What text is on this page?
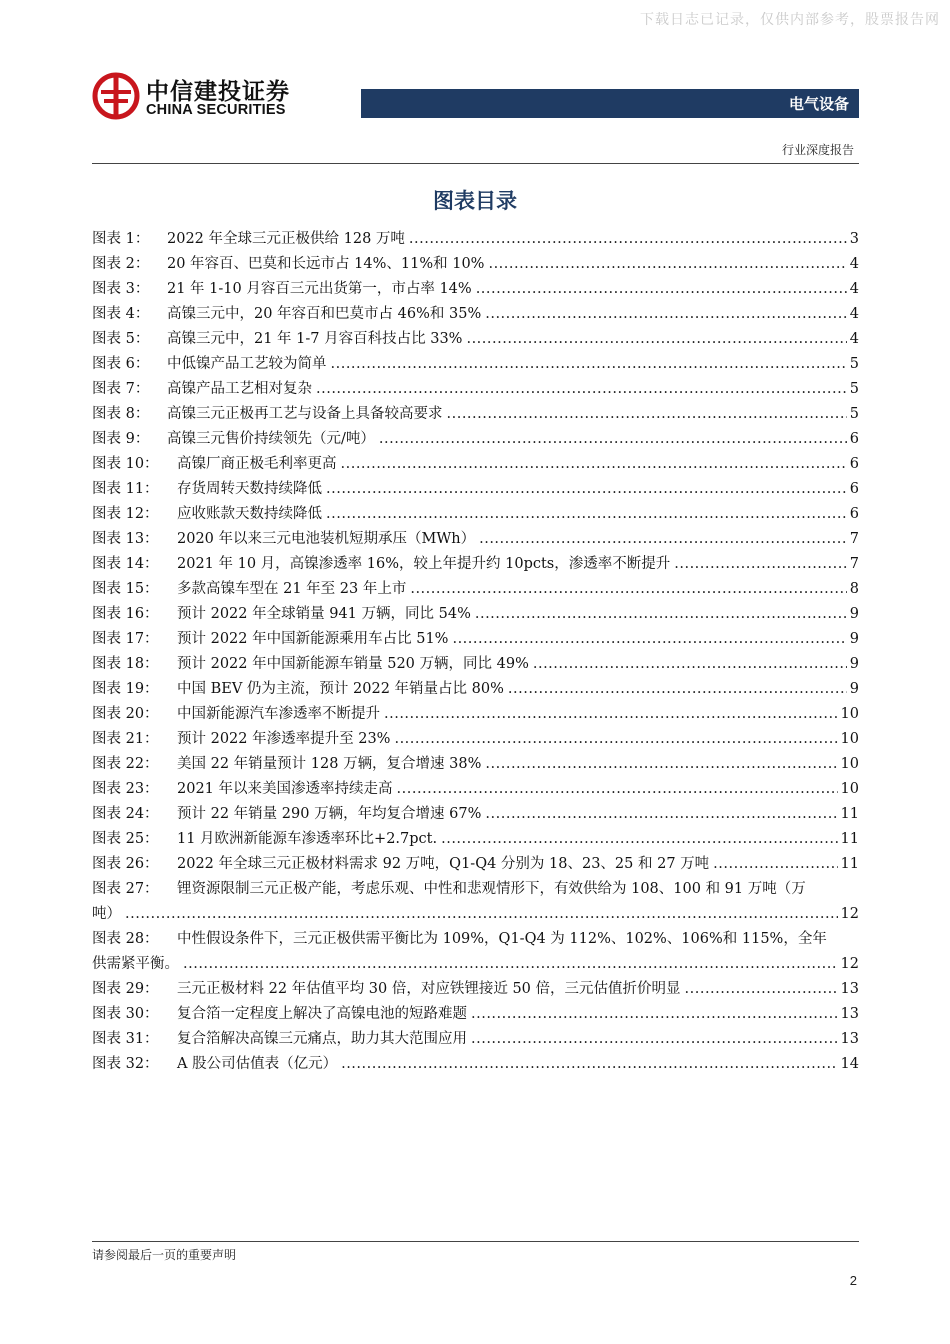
下载日志已记录，仅供内部参考，股票报告网
中信建投证券
CHINA SECURITIES	电气设备
行业深度报告
图表目录
图表 1：	2022 年全球三元正极供给 128 万吨 .....	3
图表 2：	20 年容百、巴莫和长远市占 14%、11%和 10% .....	4
图表 3：	21 年 1-10 月容百三元出货第一，市占率 14% .....	4
图表 4：	高镍三元中，20 年容百和巴莫市占 46%和 35% .....	4
图表 5：	高镍三元中，21 年 1-7 月容百科技占比 33% .....	4
图表 6：	中低镍产品工艺较为简单 .....	5
图表 7：	高镍产品工艺相对复杂 .....	5
图表 8：	高镍三元正极再工艺与设备上具备较高要求 .....	5
图表 9：	高镍三元售价持续领先（元/吨） .....	6
图表 10：	高镍厂商正极毛利率更高 .....	6
图表 11：	存货周转天数持续降低 .....	6
图表 12：	应收账款天数持续降低 .....	6
图表 13：	2020 年以来三元电池装机短期承压（MWh） .....	7
图表 14：	2021 年 10 月，高镍渗透率 16%，较上年提升约 10pcts，渗透率不断提升 .....	7
图表 15：	多款高镍车型在 21 年至 23 年上市 .....	8
图表 16：	预计 2022 年全球销量 941 万辆，同比 54% .....	9
图表 17：	预计 2022 年中国新能源乘用车占比 51% .....	9
图表 18：	预计 2022 年中国新能源车销量 520 万辆，同比 49% .....	9
图表 19：	中国 BEV 仍为主流，预计 2022 年销量占比 80% .....	9
图表 20：	中国新能源汽车渗透率不断提升 .....	10
图表 21：	预计 2022 年渗透率提升至 23% .....	10
图表 22：	美国 22 年销量预计 128 万辆，复合增速 38% .....	10
图表 23：	2021 年以来美国渗透率持续走高 .....	10
图表 24：	预计 22 年销量 290 万辆，年均复合增速 67% .....	11
图表 25：	11 月欧洲新能源车渗透率环比+2.7pct. .....	11
图表 26：	2022 年全球三元正极材料需求 92 万吨，Q1-Q4 分别为 18、23、25 和 27 万吨 .....	11
图表 27：	锂资源限制三元正极产能，考虑乐观、中性和悲观情形下，有效供给为 108、100 和 91 万吨（万
吨） .....	12
图表 28：	中性假设条件下，三元正极供需平衡比为 109%，Q1-Q4 为 112%、102%、106%和 115%，全年
供需紧平衡。 .....	12
图表 29：	三元正极材料 22 年估值平均 30 倍，对应铁锂接近 50 倍，三元估值折价明显 .....	13
图表 30：	复合箔一定程度上解决了高镍电池的短路难题 .....	13
图表 31：	复合箔解决高镍三元痛点，助力其大范围应用 .....	13
图表 32：	A 股公司估值表（亿元） .....	14
请参阅最后一页的重要声明
2
